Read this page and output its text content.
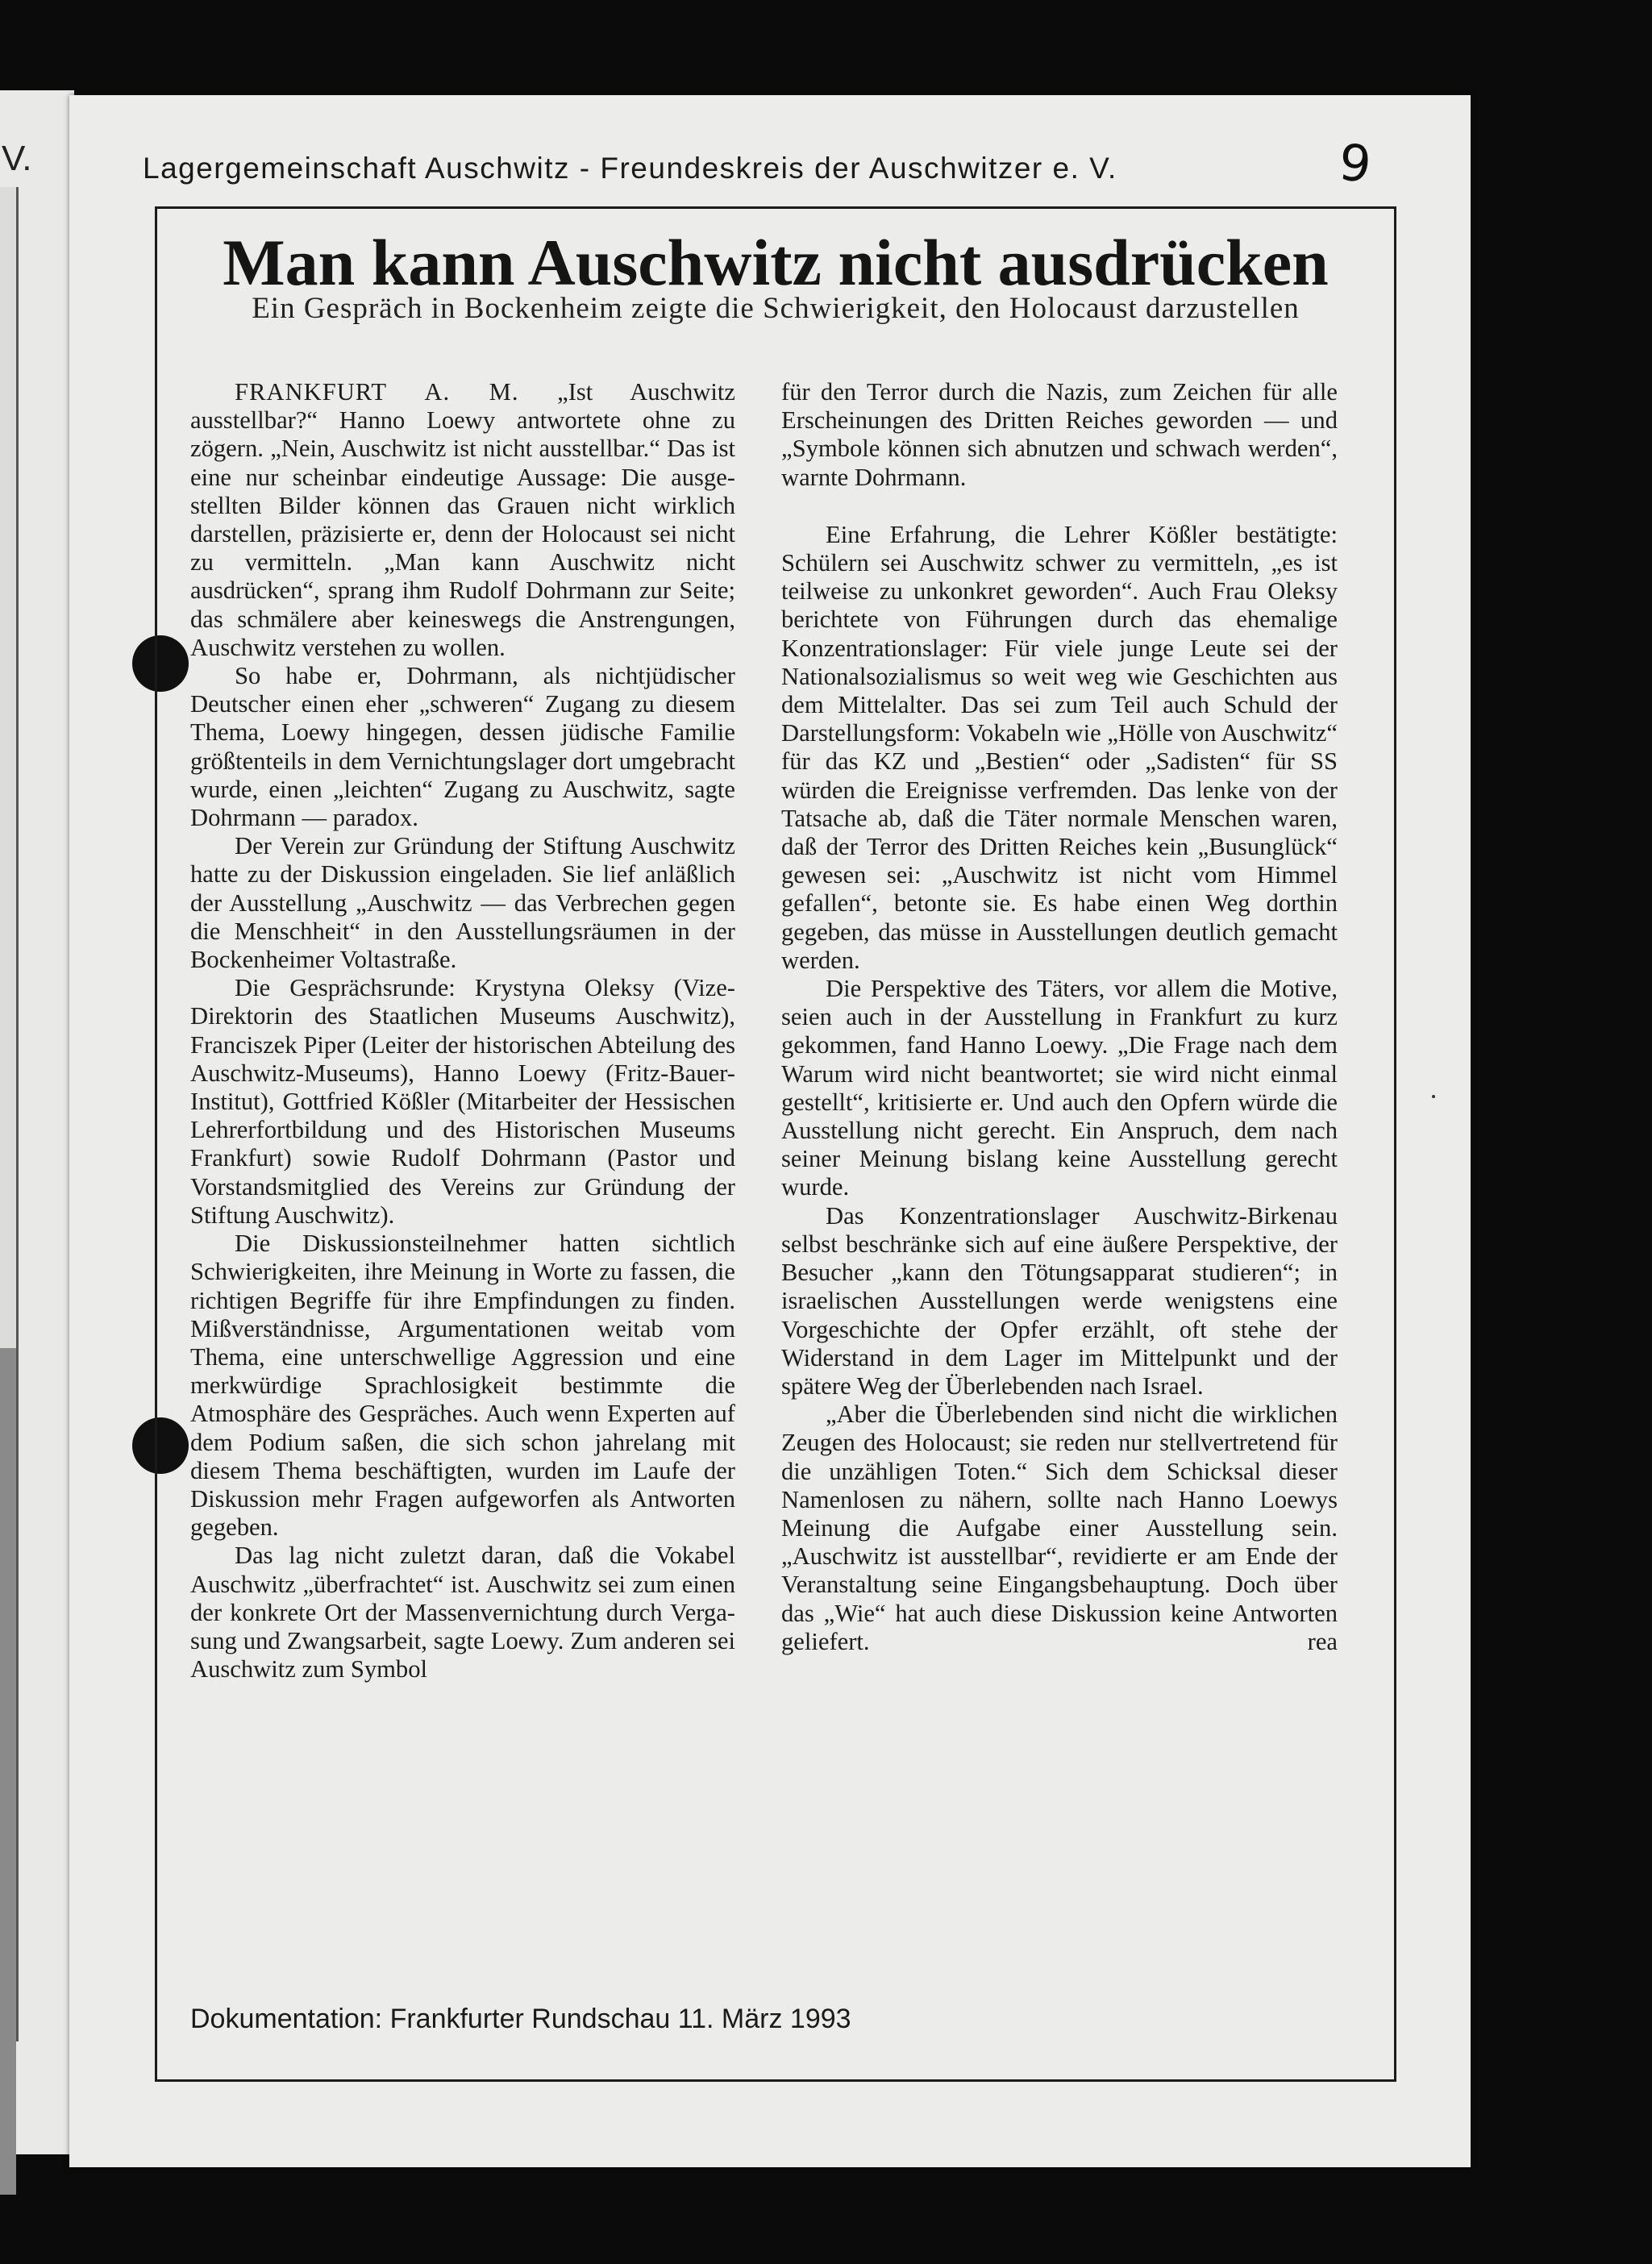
V.	Lagergemeinschaft Auschwitz - Freundeskreis der Auschwitzer e. V.	9
Man kann Auschwitz nicht ausdrücken
Ein Gespräch in Bockenheim zeigte die Schwierigkeit, den Holocaust darzustellen

FRANKFURT A. M. „Ist Auschwitz ausstellbar?“ Hanno Loewy antwortete ohne zu zögern. „Nein, Auschwitz ist nicht ausstellbar.“ Das ist eine nur scheinbar eindeutige Aussage: Die ausgestellten Bilder können das Grauen nicht wirklich darstellen, präzisierte er, denn der Holocaust sei nicht zu vermitteln. „Man kann Auschwitz nicht ausdrücken“, sprang ihm Rudolf Dohrmann zur Seite; das schmälere aber keineswegs die Anstrengungen, Auschwitz verstehen zu wollen.

So habe er, Dohrmann, als nichtjüdischer Deutscher einen eher „schweren“ Zugang zu diesem Thema, Loewy hingegen, dessen jüdische Familie größtenteils in dem Vernichtungslager dort umgebracht wurde, einen „leichten“ Zugang zu Auschwitz, sagte Dohrmann — paradox.

Der Verein zur Gründung der Stiftung Auschwitz hatte zu der Diskussion eingeladen. Sie lief anläßlich der Ausstellung „Auschwitz — das Verbrechen gegen die Menschheit“ in den Ausstellungsräumen in der Bockenheimer Voltastraße.

Die Gesprächsrunde: Krystyna Oleksy (Vize-Direktorin des Staatlichen Museums Auschwitz), Franciszek Piper (Leiter der historischen Abteilung des Auschwitz-Museums), Hanno Loewy (Fritz-Bauer-Institut), Gottfried Kößler (Mitarbeiter der Hessischen Lehrerfortbildung und des Historischen Museums Frankfurt) sowie Rudolf Dohrmann (Pastor und Vorstandsmitglied des Vereins zur Gründung der Stiftung Auschwitz).

Die Diskussionsteilnehmer hatten sichtlich Schwierigkeiten, ihre Meinung in Worte zu fassen, die richtigen Begriffe für ihre Empfindungen zu finden. Mißverständnisse, Argumentationen weitab vom Thema, eine unterschwellige Aggression und eine merkwürdige Sprachlosigkeit bestimmte die Atmosphäre des Gespräches. Auch wenn Experten auf dem Podium saßen, die sich schon jahrelang mit diesem Thema beschäftigten, wurden im Laufe der Diskussion mehr Fragen aufgeworfen als Antworten gegeben.

Das lag nicht zuletzt daran, daß die Vokabel Auschwitz „überfrachtet“ ist. Auschwitz sei zum einen der konkrete Ort der Massenvernichtung durch Vergasung und Zwangsarbeit, sagte Loewy. Zum anderen sei Auschwitz zum Symbol

für den Terror durch die Nazis, zum Zeichen für alle Erscheinungen des Dritten Reiches geworden — und „Symbole können sich abnutzen und schwach werden“, warnte Dohrmann.

Eine Erfahrung, die Lehrer Kößler bestätigte: Schülern sei Auschwitz schwer zu vermitteln, „es ist teilweise zu unkonkret geworden“. Auch Frau Oleksy berichtete von Führungen durch das ehemalige Konzentrationslager: Für viele junge Leute sei der Nationalsozialismus so weit weg wie Geschichten aus dem Mittelalter. Das sei zum Teil auch Schuld der Darstellungsform: Vokabeln wie „Hölle von Auschwitz“ für das KZ und „Bestien“ oder „Sadisten“ für SS würden die Ereignisse verfremden. Das lenke von der Tatsache ab, daß die Täter normale Menschen waren, daß der Terror des Dritten Reiches kein „Busunglück“ gewesen sei: „Auschwitz ist nicht vom Himmel gefallen“, betonte sie. Es habe einen Weg dorthin gegeben, das müsse in Ausstellungen deutlich gemacht werden.

Die Perspektive des Täters, vor allem die Motive, seien auch in der Ausstellung in Frankfurt zu kurz gekommen, fand Hanno Loewy. „Die Frage nach dem Warum wird nicht beantwortet; sie wird nicht einmal gestellt“, kritisierte er. Und auch den Opfern würde die Ausstellung nicht gerecht. Ein Anspruch, dem nach seiner Meinung bislang keine Ausstellung gerecht wurde.

Das Konzentrationslager Auschwitz-Birkenau selbst beschränke sich auf eine äußere Perspektive, der Besucher „kann den Tötungsapparat studieren“; in israelischen Ausstellungen werde wenigstens eine Vorgeschichte der Opfer erzählt, oft stehe der Widerstand in dem Lager im Mittelpunkt und der spätere Weg der Überlebenden nach Israel.

„Aber die Überlebenden sind nicht die wirklichen Zeugen des Holocaust; sie reden nur stellvertretend für die unzähligen Toten.“ Sich dem Schicksal dieser Namenlosen zu nähern, sollte nach Hanno Loewys Meinung die Aufgabe einer Ausstellung sein. „Auschwitz ist ausstellbar“, revidierte er am Ende der Veranstaltung seine Eingangsbehauptung. Doch über das „Wie“ hat auch diese Diskussion keine Antworten geliefert.	rea

Dokumentation: Frankfurter Rundschau 11. März 1993
